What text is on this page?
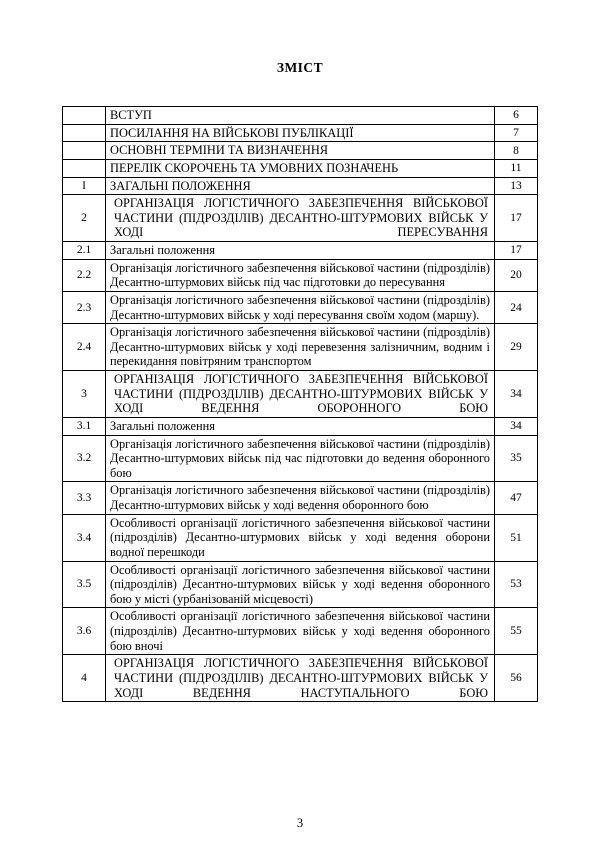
ЗМІСТ
	ВСТУП	6
	ПОСИЛАННЯ НА ВІЙСЬКОВІ ПУБЛІКАЦІЇ	7
	ОСНОВНІ ТЕРМІНИ ТА ВИЗНАЧЕННЯ	8
	ПЕРЕЛІК СКОРОЧЕНЬ ТА УМОВНИХ ПОЗНАЧЕНЬ	11
І	ЗАГАЛЬНІ ПОЛОЖЕННЯ	13
2	ОРГАНІЗАЦІЯ ЛОГІСТИЧНОГО ЗАБЕЗПЕЧЕННЯ ВІЙСЬКОВОЇ ЧАСТИНИ (ПІДРОЗДІЛІВ) ДЕСАНТНО-ШТУРМОВИХ ВІЙСЬК У ХОДІ ПЕРЕСУВАННЯ	17
2.1	Загальні положення	17
2.2	Організація логістичного забезпечення військової частини (підрозділів) Десантно-штурмових військ під час підготовки до пересування	20
2.3	Організація логістичного забезпечення військової частини (підрозділів) Десантно-штурмових військ у ході пересування своїм ходом (маршу).	24
2.4	Організація логістичного забезпечення військової частини (підрозділів) Десантно-штурмових військ у ході перевезення залізничним, водним і перекидання повітряним транспортом	29
3	ОРГАНІЗАЦІЯ ЛОГІСТИЧНОГО ЗАБЕЗПЕЧЕННЯ ВІЙСЬКОВОЇ ЧАСТИНИ (ПІДРОЗДІЛІВ) ДЕСАНТНО-ШТУРМОВИХ ВІЙСЬК У ХОДІ ВЕДЕННЯ ОБОРОННОГО БОЮ	34
3.1	Загальні положення	34
3.2	Організація логістичного забезпечення військової частини (підрозділів) Десантно-штурмових військ під час підготовки до ведення оборонного бою	35
3.3	Організація логістичного забезпечення військової частини (підрозділів) Десантно-штурмових військ у ході ведення оборонного бою	47
3.4	Особливості організації логістичного забезпечення військової частини (підрозділів) Десантно-штурмових військ у ході ведення оборони водної перешкоди	51
3.5	Особливості організації логістичного забезпечення військової частини (підрозділів) Десантно-штурмових військ у ході ведення оборонного бою у місті (урбанізованій місцевості)	53
3.6	Особливості організації логістичного забезпечення військової частини (підрозділів) Десантно-штурмових військ у ході ведення оборонного бою вночі	55
4	ОРГАНІЗАЦІЯ ЛОГІСТИЧНОГО ЗАБЕЗПЕЧЕННЯ ВІЙСЬКОВОЇ ЧАСТИНИ (ПІДРОЗДІЛІВ) ДЕСАНТНО-ШТУРМОВИХ ВІЙСЬК У ХОДІ ВЕДЕННЯ НАСТУПАЛЬНОГО БОЮ	56
3
